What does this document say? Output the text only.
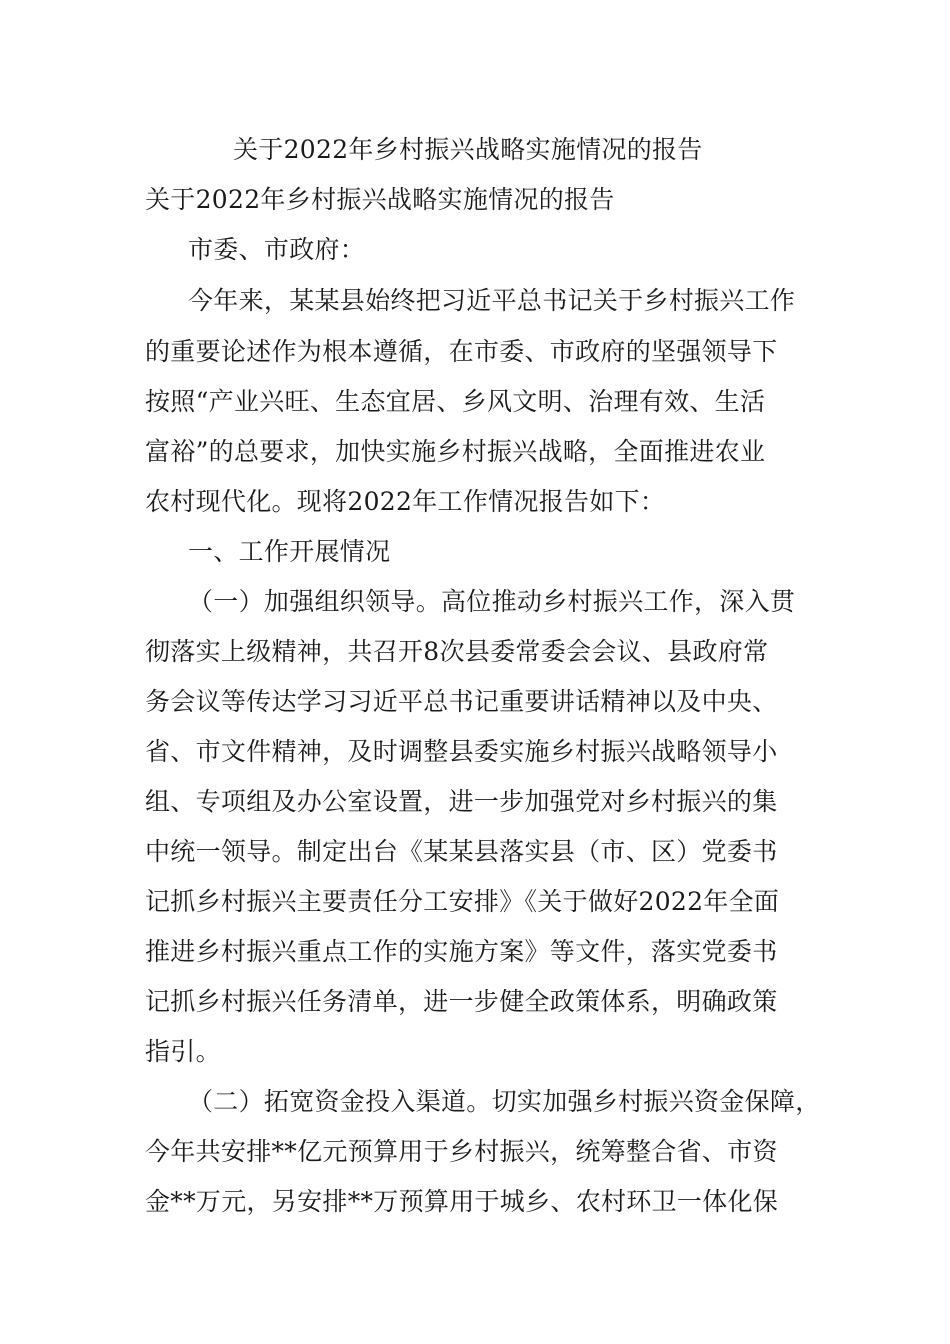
关于2022年乡村振兴战略实施情况的报告
关于2022年乡村振兴战略实施情况的报告
市委、市政府：
今年来，某某县始终把习近平总书记关于乡村振兴工作
的重要论述作为根本遵循，在市委、市政府的坚强领导下
按照“产业兴旺、生态宜居、乡风文明、治理有效、生活
富裕”的总要求，加快实施乡村振兴战略，全面推进农业
农村现代化。现将2022年工作情况报告如下：
一、工作开展情况
（一）加强组织领导。高位推动乡村振兴工作，深入贯
彻落实上级精神，共召开8次县委常委会会议、县政府常
务会议等传达学习习近平总书记重要讲话精神以及中央、
省、市文件精神，及时调整县委实施乡村振兴战略领导小
组、专项组及办公室设置，进一步加强党对乡村振兴的集
中统一领导。制定出台《某某县落实县（市、区）党委书
记抓乡村振兴主要责任分工安排》《关于做好2022年全面
推进乡村振兴重点工作的实施方案》等文件，落实党委书
记抓乡村振兴任务清单，进一步健全政策体系，明确政策
指引。
（二）拓宽资金投入渠道。切实加强乡村振兴资金保障，
今年共安排**亿元预算用于乡村振兴，统筹整合省、市资
金**万元，另安排**万预算用于城乡、农村环卫一体化保
